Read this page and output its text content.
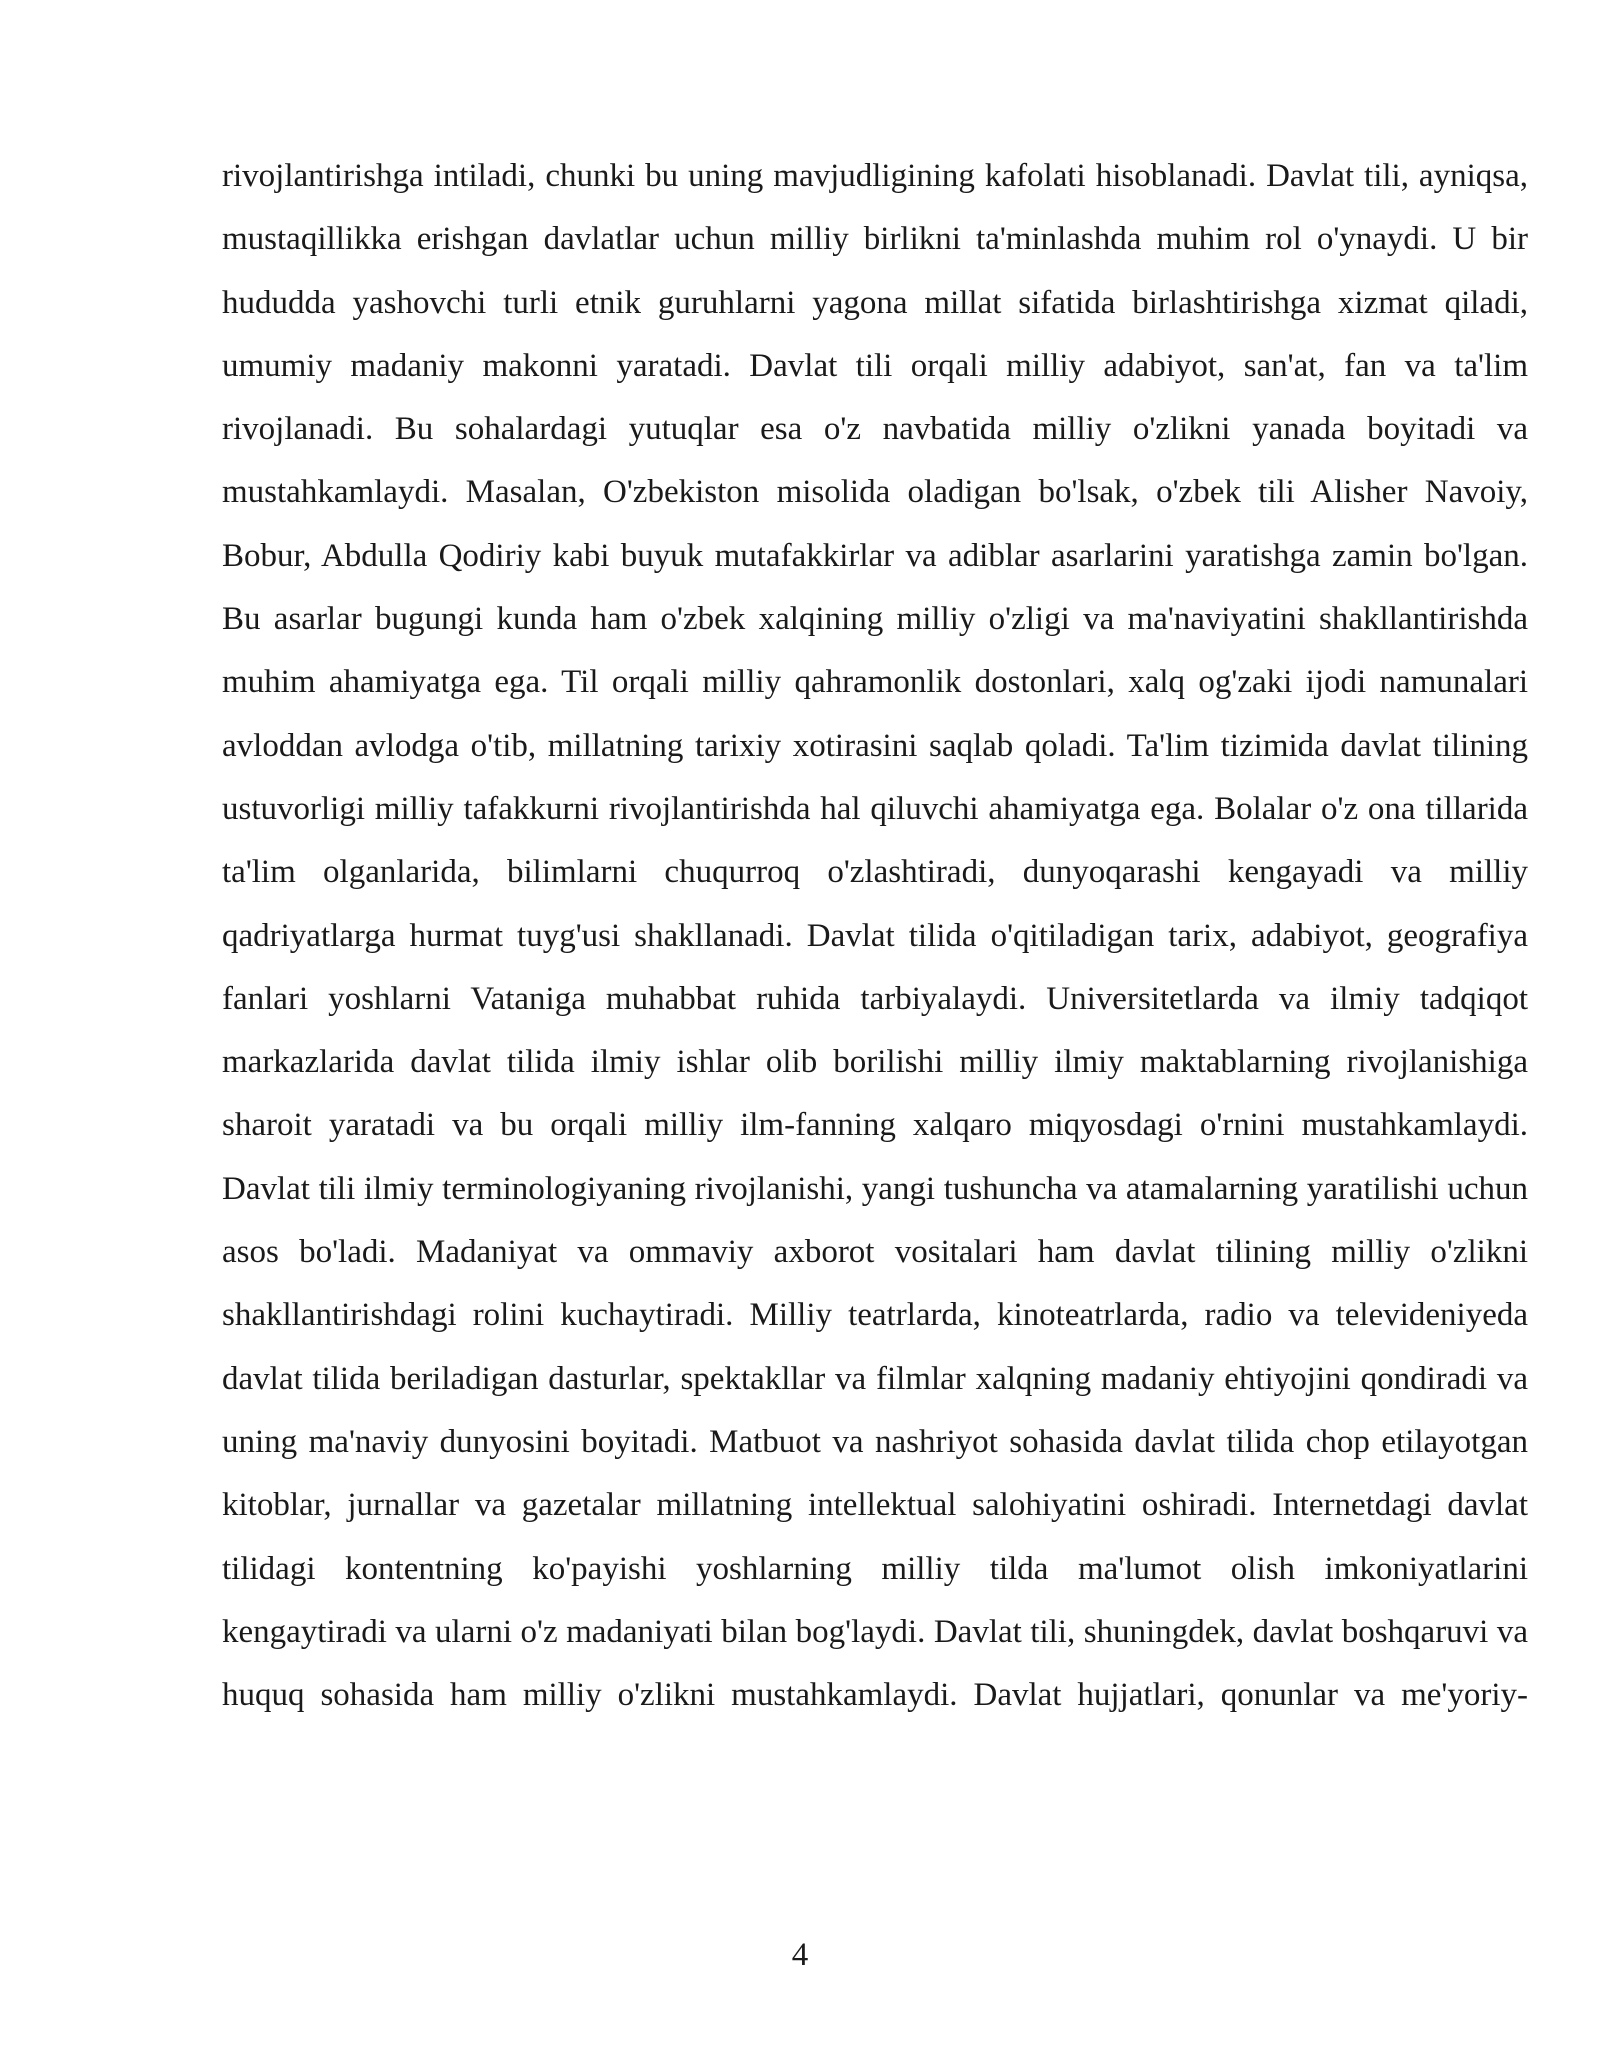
rivojlantirishga intiladi, chunki bu uning mavjudligining kafolati hisoblanadi. Davlat tili, ayniqsa, mustaqillikka erishgan davlatlar uchun milliy birlikni ta'minlashda muhim rol o'ynaydi. U bir hududda yashovchi turli etnik guruhlarni yagona millat sifatida birlashtirishga xizmat qiladi, umumiy madaniy makonni yaratadi. Davlat tili orqali milliy adabiyot, san'at, fan va ta'lim rivojlanadi. Bu sohalardagi yutuqlar esa o'z navbatida milliy o'zlikni yanada boyitadi va mustahkamlaydi. Masalan, O'zbekiston misolida oladigan bo'lsak, o'zbek tili Alisher Navoiy, Bobur, Abdulla Qodiriy kabi buyuk mutafakkirlar va adiblar asarlarini yaratishga zamin bo'lgan. Bu asarlar bugungi kunda ham o'zbek xalqining milliy o'zligi va ma'naviyatini shakllantirishda muhim ahamiyatga ega. Til orqali milliy qahramonlik dostonlari, xalq og'zaki ijodi namunalari avloddan avlodga o'tib, millatning tarixiy xotirasini saqlab qoladi. Ta'lim tizimida davlat tilining ustuvorligi milliy tafakkurni rivojlantirishda hal qiluvchi ahamiyatga ega. Bolalar o'z ona tillarida ta'lim olganlarida, bilimlarni chuqurroq o'zlashtiradi, dunyoqarashi kengayadi va milliy qadriyatlarga hurmat tuyg'usi shakllanadi. Davlat tilida o'qitiladigan tarix, adabiyot, geografiya fanlari yoshlarni Vataniga muhabbat ruhida tarbiyalaydi. Universitetlarda va ilmiy tadqiqot markazlarida davlat tilida ilmiy ishlar olib borilishi milliy ilmiy maktablarning rivojlanishiga sharoit yaratadi va bu orqali milliy ilm-fanning xalqaro miqyosdagi o'rnini mustahkamlaydi. Davlat tili ilmiy terminologiyaning rivojlanishi, yangi tushuncha va atamalarning yaratilishi uchun asos bo'ladi. Madaniyat va ommaviy axborot vositalari ham davlat tilining milliy o'zlikni shakllantirishdagi rolini kuchaytiradi. Milliy teatrlarda, kinoteatrlarda, radio va televideniyeda davlat tilida beriladigan dasturlar, spektakllar va filmlar xalqning madaniy ehtiyojini qondiradi va uning ma'naviy dunyosini boyitadi. Matbuot va nashriyot sohasida davlat tilida chop etilayotgan kitoblar, jurnallar va gazetalar millatning intellektual salohiyatini oshiradi. Internetdagi davlat tilidagi kontentning ko'payishi yoshlarning milliy tilda ma'lumot olish imkoniyatlarini kengaytiradi va ularni o'z madaniyati bilan bog'laydi. Davlat tili, shuningdek, davlat boshqaruvi va huquq sohasida ham milliy o'zlikni mustahkamlaydi. Davlat hujjatlari, qonunlar va me'yoriy-

4
